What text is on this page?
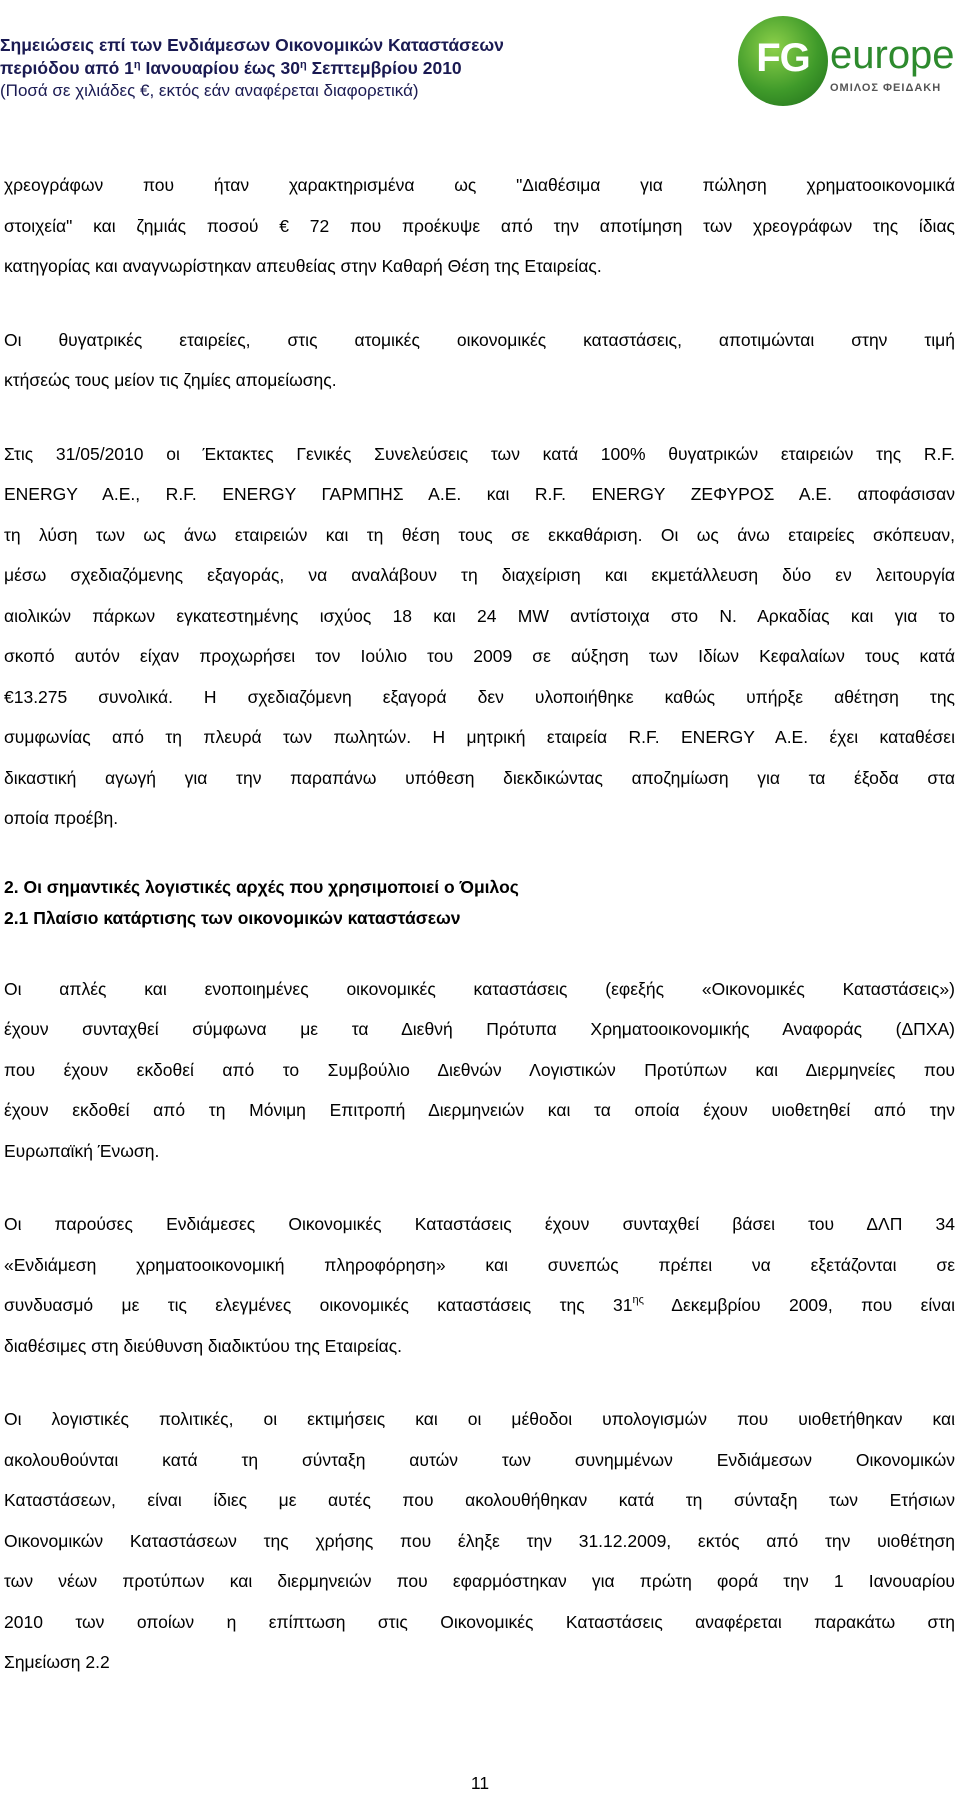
Σημειώσεις επί των Ενδιάμεσων Οικονομικών Καταστάσεων
περιόδου από $1^\eta$ Ιανουαρίου έως $30^\eta$ Σεπτεμβρίου 2010
(Ποσά σε χιλιάδες €, εκτός εάν αναφέρεται διαφορετικά)
FG europe
ΟΜΙΛΟΣ ΦΕΙΔΑΚΗ
χρεογράφων που ήταν χαρακτηρισμένα ως "Διαθέσιμα για πώληση χρηματοοικονομικά
στοιχεία" και ζημιάς ποσού € 72 που προέκυψε από την αποτίμηση των χρεογράφων της ίδιας
κατηγορίας και αναγνωρίστηκαν απευθείας στην Καθαρή Θέση της Εταιρείας.
Οι θυγατρικές εταιρείες, στις ατομικές οικονομικές καταστάσεις, αποτιμώνται στην τιμή
κτήσεώς τους μείον τις ζημίες απομείωσης.
Στις 31/05/2010 οι Έκτακτες Γενικές Συνελεύσεις των κατά 100% θυγατρικών εταιρειών της R.F.
ENERGY A.E., R.F. ENERGY ΓΑΡΜΠΗΣ Α.Ε. και R.F. ENERGY ΖΕΦΥΡΟΣ Α.Ε. αποφάσισαν
τη λύση των ως άνω εταιρειών και τη θέση τους σε εκκαθάριση. Οι ως άνω εταιρείες σκόπευαν,
μέσω σχεδιαζόμενης εξαγοράς, να αναλάβουν τη διαχείριση και εκμετάλλευση δύο εν λειτουργία
αιολικών πάρκων εγκατεστημένης ισχύος 18 και 24 MW αντίστοιχα στο Ν. Αρκαδίας και για το
σκοπό αυτόν είχαν προχωρήσει τον Ιούλιο του 2009 σε αύξηση των Ιδίων Κεφαλαίων τους κατά
€13.275 συνολικά. Η σχεδιαζόμενη εξαγορά δεν υλοποιήθηκε καθώς υπήρξε αθέτηση της
συμφωνίας από τη πλευρά των πωλητών. Η μητρική εταιρεία R.F. ENERGY A.E. έχει καταθέσει
δικαστική αγωγή για την παραπάνω υπόθεση διεκδικώντας αποζημίωση για τα έξοδα στα
οποία προέβη.
2. Οι σημαντικές λογιστικές αρχές που χρησιμοποιεί ο Όμιλος
2.1 Πλαίσιο κατάρτισης των οικονομικών καταστάσεων
Οι απλές και ενοποιημένες οικονομικές καταστάσεις (εφεξής «Οικονομικές Καταστάσεις»)
έχουν συνταχθεί σύμφωνα με τα Διεθνή Πρότυπα Χρηματοοικονομικής Αναφοράς (ΔΠΧΑ)
που έχουν εκδοθεί από το Συμβούλιο Διεθνών Λογιστικών Προτύπων και Διερμηνείες που
έχουν εκδοθεί από τη Μόνιμη Επιτροπή Διερμηνειών και τα οποία έχουν υιοθετηθεί από την
Ευρωπαϊκή Ένωση.
Οι παρούσες Ενδιάμεσες Οικονομικές Καταστάσεις έχουν συνταχθεί βάσει του ΔΛΠ 34
«Ενδιάμεση χρηματοοικονομική πληροφόρηση» και συνεπώς πρέπει να εξετάζονται σε
συνδυασμό με τις ελεγμένες οικονομικές καταστάσεις της $31^{\eta\varsigma}$ Δεκεμβρίου 2009, που είναι
διαθέσιμες στη διεύθυνση διαδικτύου της Εταιρείας.
Οι λογιστικές πολιτικές, οι εκτιμήσεις και οι μέθοδοι υπολογισμών που υιοθετήθηκαν και
ακολουθούνται κατά τη σύνταξη αυτών των συνημμένων Ενδιάμεσων Οικονομικών
Καταστάσεων, είναι ίδιες με αυτές που ακολουθήθηκαν κατά τη σύνταξη των Ετήσιων
Οικονομικών Καταστάσεων της χρήσης που έληξε την 31.12.2009, εκτός από την υιοθέτηση
των νέων προτύπων και διερμηνειών που εφαρμόστηκαν για πρώτη φορά την 1 Ιανουαρίου
2010 των οποίων η επίπτωση στις Οικονομικές Καταστάσεις αναφέρεται παρακάτω στη
Σημείωση 2.2
11
